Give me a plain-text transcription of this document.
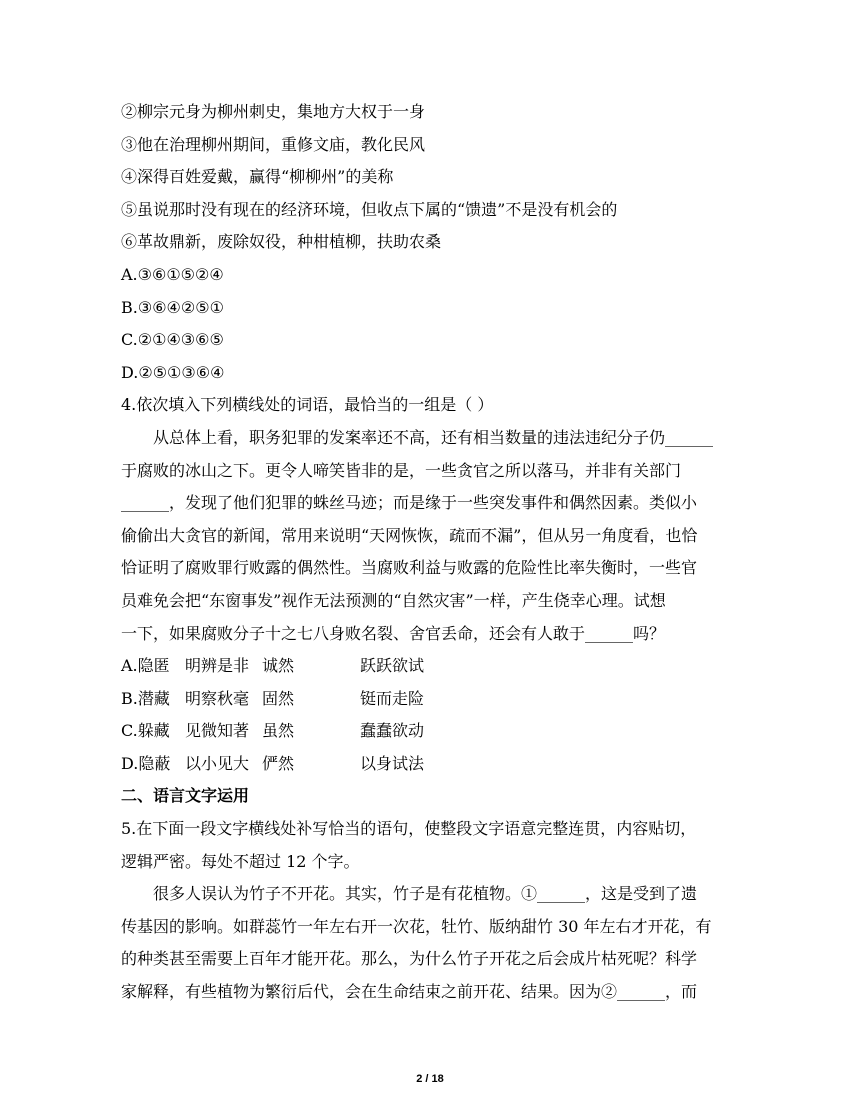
②柳宗元身为柳州刺史，集地方大权于一身
③他在治理柳州期间，重修文庙，教化民风
④深得百姓爱戴，赢得“柳柳州”的美称
⑤虽说那时没有现在的经济环境，但收点下属的“馈遗”不是没有机会的
⑥革故鼎新，废除奴役，种柑植柳，扶助农桑
A.③⑥①⑤②④
B.③⑥④②⑤①
C.②①④③⑥⑤
D.②⑤①③⑥④
4.依次填入下列横线处的词语，最恰当的一组是（ ）
从总体上看，职务犯罪的发案率还不高，还有相当数量的违法违纪分子仍______
于腐败的冰山之下。更令人啼笑皆非的是，一些贪官之所以落马，并非有关部门
______，发现了他们犯罪的蛛丝马迹；而是缘于一些突发事件和偶然因素。类似小
偷偷出大贪官的新闻，常用来说明“天网恢恢，疏而不漏”，但从另一角度看，也恰
恰证明了腐败罪行败露的偶然性。当腐败利益与败露的危险性比率失衡时，一些官
员难免会把“东窗事发”视作无法预测的“自然灾害”一样，产生侥幸心理。试想
一下，如果腐败分子十之七八身败名裂、舍官丢命，还会有人敢于______吗？
A.隐匿 明辨是非 诚然	跃跃欲试
B.潜藏 明察秋毫 固然	铤而走险
C.躲藏 见微知著 虽然	蠢蠢欲动
D.隐蔽 以小见大 俨然	以身试法
二、语言文字运用
5.在下面一段文字横线处补写恰当的语句，使整段文字语意完整连贯，内容贴切，
逻辑严密。每处不超过 12 个字。
很多人误认为竹子不开花。其实，竹子是有花植物。①______，这是受到了遗
传基因的影响。如群蕊竹一年左右开一次花，牡竹、版纳甜竹 30 年左右才开花，有
的种类甚至需要上百年才能开花。那么，为什么竹子开花之后会成片枯死呢？科学
家解释，有些植物为繁衍后代，会在生命结束之前开花、结果。因为②______，而
2 / 18
